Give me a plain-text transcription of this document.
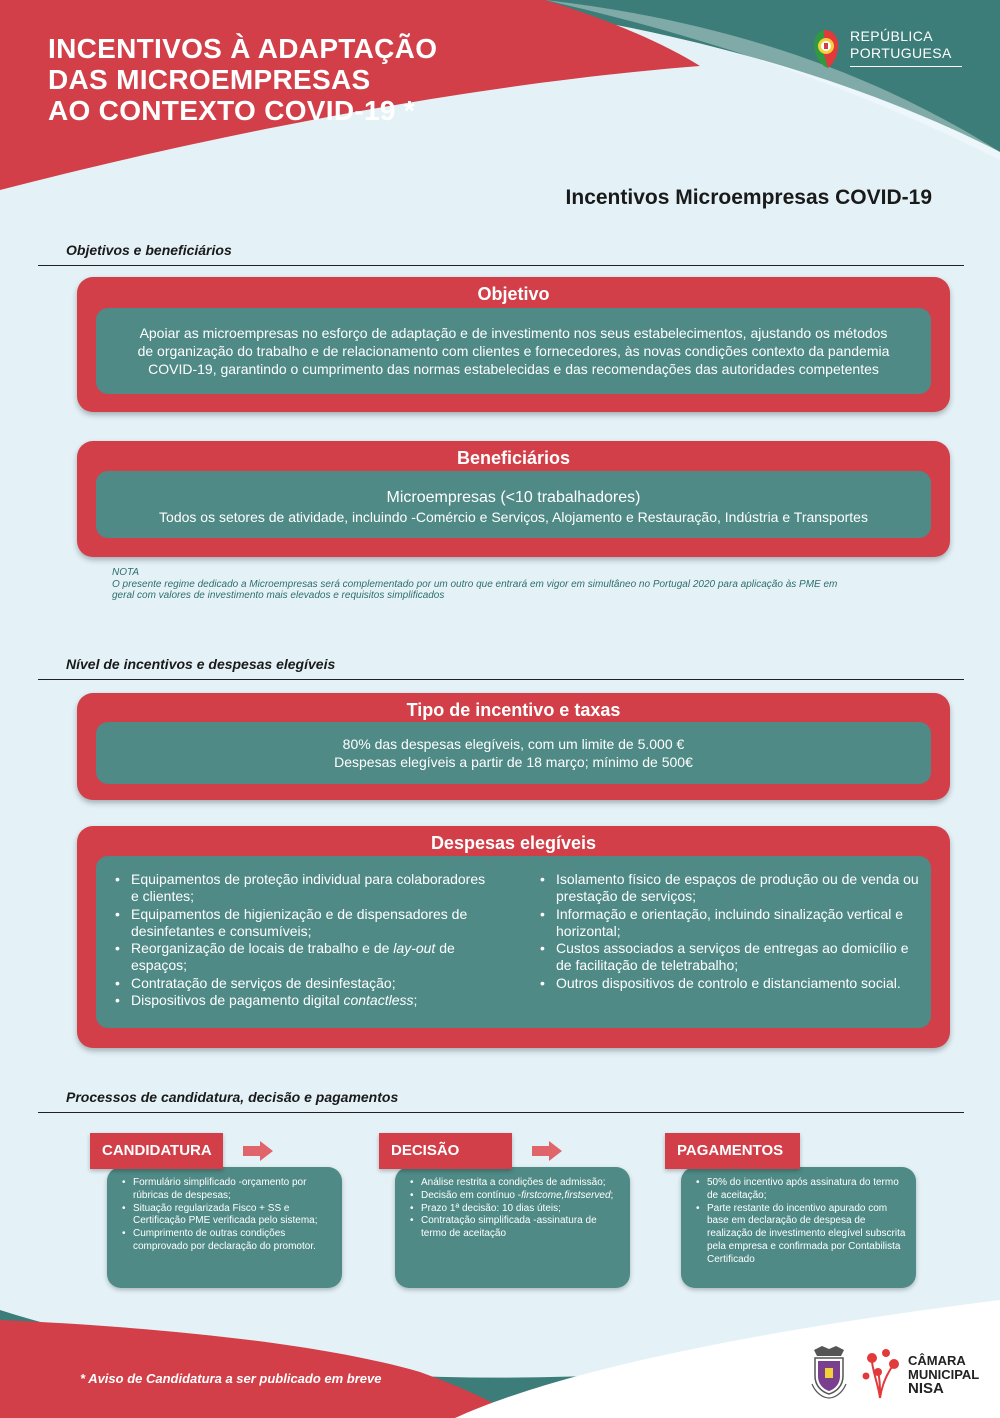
INCENTIVOS À ADAPTAÇÃO
DAS MICROEMPRESAS
AO CONTEXTO COVID-19 *
REPÚBLICA
PORTUGUESA
Incentivos Microempresas COVID-19
Objetivos e beneficiários
Objetivo
Apoiar as microempresas no esforço de adaptação e de investimento nos seus estabelecimentos, ajustando os métodos
de organização do trabalho e de relacionamento com clientes e fornecedores, às novas condições contexto da pandemia
COVID-19, garantindo o cumprimento das normas estabelecidas e das recomendações das autoridades competentes
Beneficiários
Microempresas (<10 trabalhadores)
Todos os setores de atividade, incluindo -Comércio e Serviços, Alojamento e Restauração, Indústria e Transportes
NOTA
O presente regime dedicado a Microempresas será complementado por um outro que entrará em vigor em simultâneo no Portugal 2020 para aplicação às PME em
geral com valores de investimento mais elevados e requisitos simplificados
Nível de incentivos e despesas elegíveis
Tipo de incentivo e taxas
80% das despesas elegíveis, com um limite de 5.000 €
Despesas elegíveis a partir de 18 março; mínimo de 500€
Despesas elegíveis
• Equipamentos de proteção individual para colaboradores e clientes;
• Equipamentos de higienização e de dispensadores de desinfetantes e consumíveis;
• Reorganização de locais de trabalho e de lay-out de espaços;
• Contratação de serviços de desinfestação;
• Dispositivos de pagamento digital contactless;
• Isolamento físico de espaços de produção ou de venda ou prestação de serviços;
• Informação e orientação, incluindo sinalização vertical e horizontal;
• Custos associados a serviços de entregas ao domicílio e de facilitação de teletrabalho;
• Outros dispositivos de controlo e distanciamento social.
Processos de candidatura, decisão e pagamentos
CANDIDATURA
• Formulário simplificado -orçamento por rúbricas de despesas;
• Situação regularizada Fisco + SS e Certificação PME verificada pelo sistema;
• Cumprimento de outras condições comprovado por declaração do promotor.
DECISÃO
• Análise restrita a condições de admissão;
• Decisão em contínuo -firstcome,firstserved;
• Prazo 1ª decisão: 10 dias úteis;
• Contratação simplificada -assinatura de termo de aceitação
PAGAMENTOS
• 50% do incentivo após assinatura do termo de aceitação;
• Parte restante do incentivo apurado com base em declaração de despesa de realização de investimento elegível subscrita pela empresa e confirmada por Contabilista Certificado
* Aviso de Candidatura a ser publicado em breve
CÂMARA
MUNICIPAL
NISA
